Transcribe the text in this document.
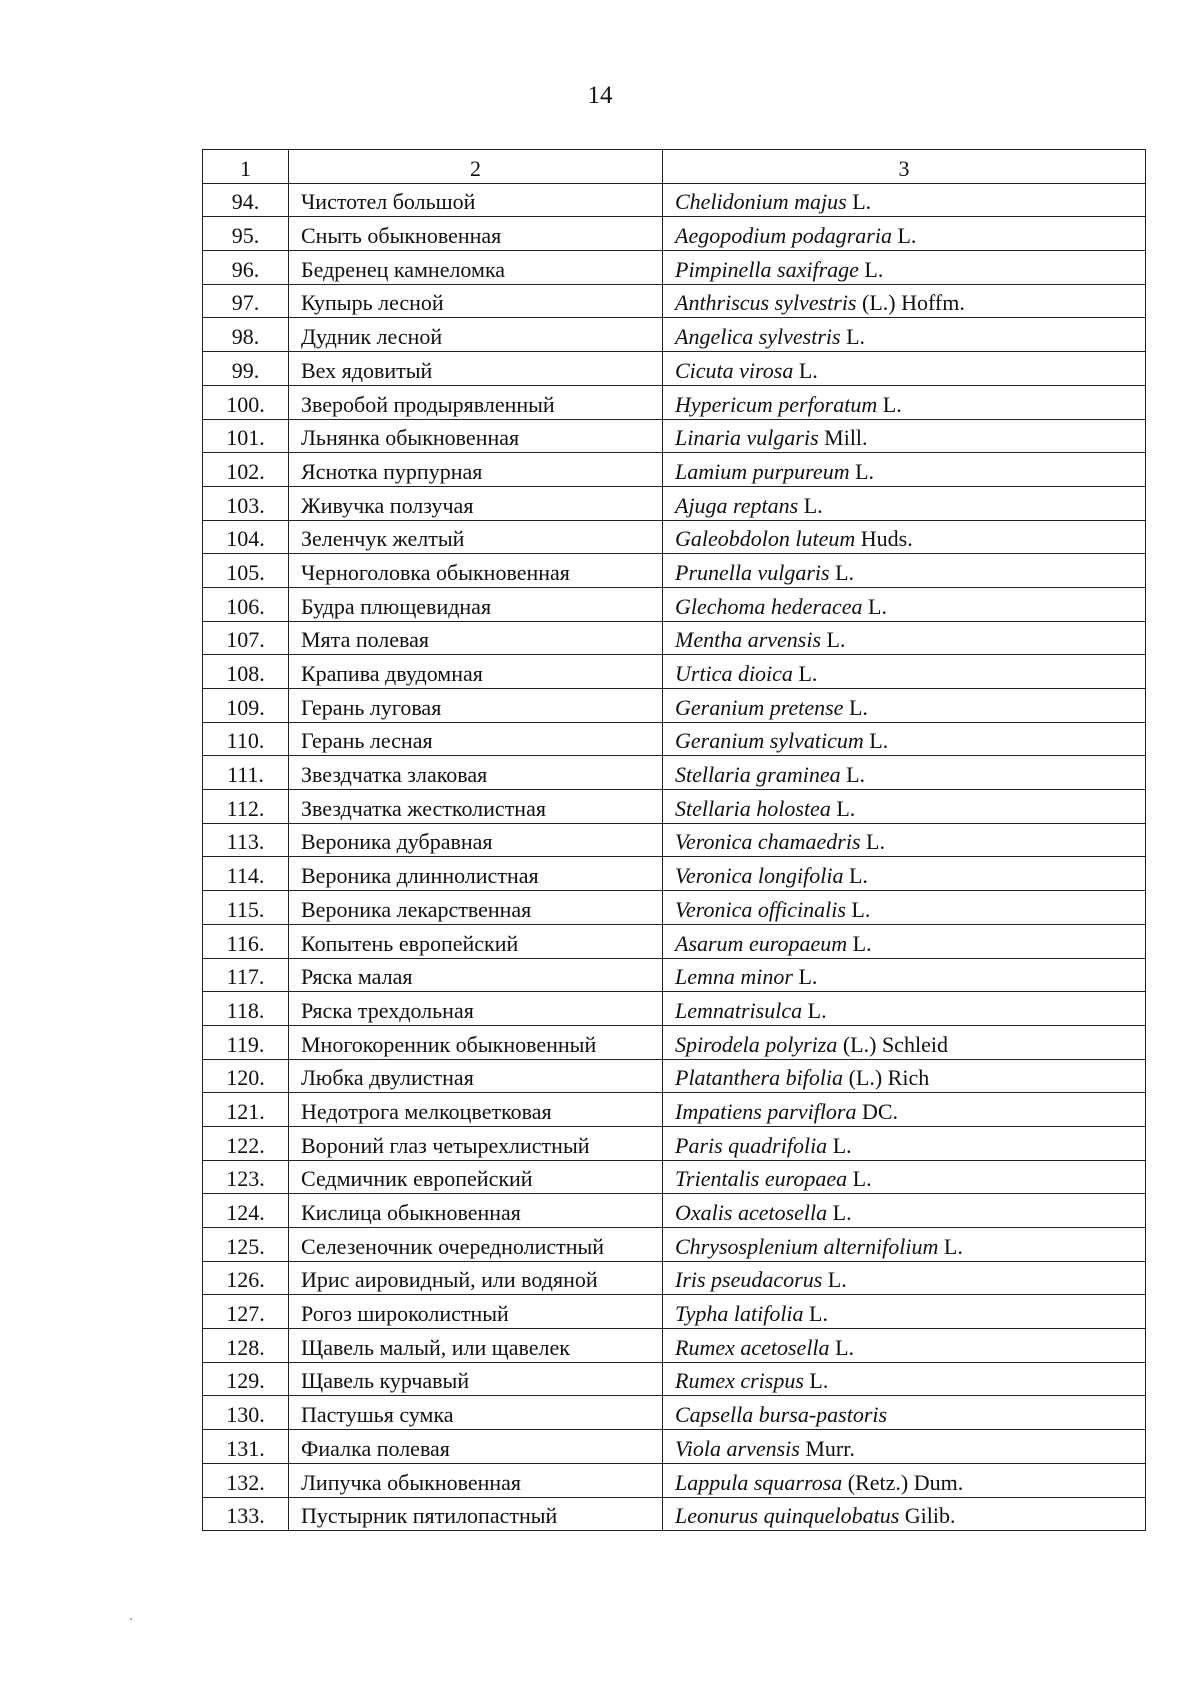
14
1	2	3
94.	Чистотел большой	Chelidonium majus L.
95.	Сныть обыкновенная	Aegopodium podagraria L.
96.	Бедренец камнеломка	Pimpinella saxifrage L.
97.	Купырь лесной	Anthriscus sylvestris (L.) Hoffm.
98.	Дудник лесной	Angelica sylvestris L.
99.	Вех ядовитый	Cicuta virosa L.
100.	Зверобой продырявленный	Hypericum perforatum L.
101.	Льнянка обыкновенная	Linaria vulgaris Mill.
102.	Яснотка пурпурная	Lamium purpureum L.
103.	Живучка ползучая	Ajuga reptans L.
104.	Зеленчук желтый	Galeobdolon luteum Huds.
105.	Черноголовка обыкновенная	Prunella vulgaris L.
106.	Будра плющевидная	Glechoma hederacea L.
107.	Мята полевая	Mentha arvensis L.
108.	Крапива двудомная	Urtica dioica L.
109.	Герань луговая	Geranium pretense L.
110.	Герань лесная	Geranium sylvaticum L.
111.	Звездчатка злаковая	Stellaria graminea L.
112.	Звездчатка жестколистная	Stellaria holostea L.
113.	Вероника дубравная	Veronica chamaedris L.
114.	Вероника длиннолистная	Veronica longifolia L.
115.	Вероника лекарственная	Veronica officinalis L.
116.	Копытень европейский	Asarum europaeum L.
117.	Ряска малая	Lemna minor L.
118.	Ряска трехдольная	Lemnatrisulca L.
119.	Многокоренник обыкновенный	Spirodela polyriza (L.) Schleid
120.	Любка двулистная	Platanthera bifolia (L.) Rich
121.	Недотрога мелкоцветковая	Impatiens parviflora DC.
122.	Вороний глаз четырехлистный	Paris quadrifolia L.
123.	Седмичник европейский	Trientalis europaea L.
124.	Кислица обыкновенная	Oxalis acetosella L.
125.	Селезеночник очереднолистный	Chrysosplenium alternifolium L.
126.	Ирис аировидный, или водяной	Iris pseudacorus L.
127.	Рогоз широколистный	Typha latifolia L.
128.	Щавель малый, или щавелек	Rumex acetosella L.
129.	Щавель курчавый	Rumex crispus L.
130.	Пастушья сумка	Capsella bursa-pastoris
131.	Фиалка полевая	Viola arvensis Murr.
132.	Липучка обыкновенная	Lappula squarrosa (Retz.) Dum.
133.	Пустырник пятилопастный	Leonurus quinquelobatus Gilib.
